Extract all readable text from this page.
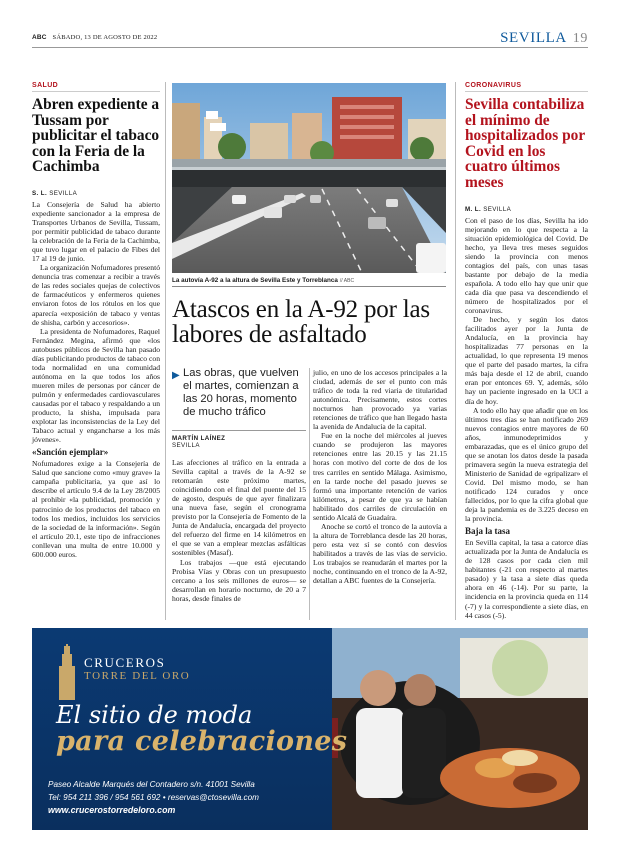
ABC SÁBADO, 13 DE AGOSTO DE 2022	SEVILLA 19
SALUD
Abren expediente a Tussam por publicitar el tabaco con la Feria de la Cachimba
S. L. SEVILLA

La Consejería de Salud ha abierto expediente sancionador a la empresa de Transportes Urbanos de Sevilla, Tussam, por permitir publicidad de tabaco durante la celebración de la Feria de la Cachimba, que tuvo lugar en el palacio de Fibes del 17 al 19 de junio.

La organización Nofumadores presentó denuncia tras comenzar a recibir a través de las redes sociales quejas de colectivos de farmacéuticos y enfermeros quienes enviaron fotos de los rótulos en los que aparecía «exposición de tabaco y ventas de shisha, carbón y accesorios».

La presidenta de Nofumadores, Raquel Fernández Megina, afirmó que «los autobuses públicos de Sevilla han pasado días publicitando productos de tabaco con toda normalidad en una comunidad autónoma en la que todos los años mueren miles de personas por cáncer de pulmón y enfermedades cardiovasculares causadas por el tabaco y respaldando a un producto, la shisha, impulsada para explotar las inconsistencias de la Ley del Tabaco actual y engancharse a los más jóvenes».

«Sanción ejemplar»

Nofumadores exige a la Consejería de Salud que sancione como «muy grave» la campaña publicitaria, ya que así lo describe el artículo 9.4 de la Ley 28/2005 al prohibir «la publicidad, promoción y patrocinio de los productos del tabaco en todos los medios, incluidos los servicios de la sociedad de la información». Según el artículo 20.1, este tipo de infracciones conllevan una multa de entre 10.000 y 600.000 euros.

La autovía A-92 a la altura de Sevilla Este y Torreblanca // ABC
Atascos en la A-92 por las labores de asfaltado
▶ Las obras, que vuelven el martes, comienzan a las 20 horas, momento de mucho tráfico
MARTÍN LAÍNEZ
SEVILLA

Las afecciones al tráfico en la entrada a Sevilla capital a través de la A-92 se retomarán este próximo martes, coincidiendo con el final del puente del 15 de agosto, después de que ayer finalizara una nueva fase, según el cronograma previsto por la Consejería de Fomento de la Junta de Andalucía, encargada del proyecto del refuerzo del firme en 14 kilómetros en el que se van a emplear mezclas asfálticas sostenibles (Masaf).

Los trabajos —que está ejecutando Probisa Vías y Obras con un presupuesto cercano a los seis millones de euros— se desarrollan en horario nocturno, de 20 a 7 horas, desde finales de

julio, en uno de los accesos principales a la ciudad, además de ser el punto con más tráfico de toda la red viaria de titularidad autonómica. Precisamente, estos cortes nocturnos han provocado ya varias retenciones de tráfico que han llegado hasta la avenida de Andalucía de la capital.

Fue en la noche del miércoles al jueves cuando se produjeron las mayores retenciones entre las 20.15 y las 21.15 horas con motivo del corte de dos de los tres carriles en sentido Málaga. Asimismo, en la tarde noche del pasado jueves se formó una importante retención de varios kilómetros, a pesar de que ya se habían habilitado dos carriles de circulación en sentido Alcalá de Guadaíra.

Anoche se cortó el tronco de la autovía a la altura de Torreblanca desde las 20 horas, pero esta vez sí se contó con desvíos habilitados a través de las vías de servicio. Los trabajos se reanudarán el martes por la noche, continuando en el tronco de la A-92, detallan a ABC fuentes de la Consejería.

CORONAVIRUS
Sevilla contabiliza el mínimo de hospitalizados por Covid en los cuatro últimos meses
M. L. SEVILLA

Con el paso de los días, Sevilla ha ido mejorando en lo que respecta a la situación epidemiológica del Covid. De hecho, ya lleva tres meses seguidos siendo la provincia con menos contagios del país, con unas tasas bastante por debajo de la media española. A todo ello hay que unir que cada día que pasa va descendiendo el número de hospitalizados por el coronavirus.

De hecho, y según los datos facilitados ayer por la Junta de Andalucía, en la provincia hay hospitalizadas 77 personas en la actualidad, lo que representa 19 menos que el parte del pasado martes, la cifra más baja desde el 12 de abril, cuando eran por entonces 69. Y, además, sólo hay un paciente ingresado en la UCI a día de hoy.

A todo ello hay que añadir que en los últimos tres días se han notificado 269 nuevos contagios entre mayores de 60 años, inmunodeprimidos y embarazadas, que es el único grupo del que se anotan los datos desde la pasada primavera según la nueva estrategia del Ministerio de Sanidad de «gripalizar» el Covid. Del mismo modo, se han notificado 124 curados y once fallecidos, por lo que la cifra global que deja la pandemia es de 3.225 deceso en la provincia.

Baja la tasa

En Sevilla capital, la tasa a catorce días actualizada por la Junta de Andalucía es de 128 casos por cada cien mil habitantes (-21 con respecto al martes pasado) y la tasa a siete días queda ahora en 46 (-14). Por su parte, la incidencia en la provincia queda en 114 (-7) y la correspondiente a siete días, en 44 casos (-5).

CRUCEROS
TORRE DEL ORO
El sitio de moda
para celebraciones
Paseo Alcalde Marqués del Contadero s/n. 41001 Sevilla
Tel: 954 211 396 / 954 561 692 • reservas@ctosevilla.com
www.crucerostorredeloro.com
